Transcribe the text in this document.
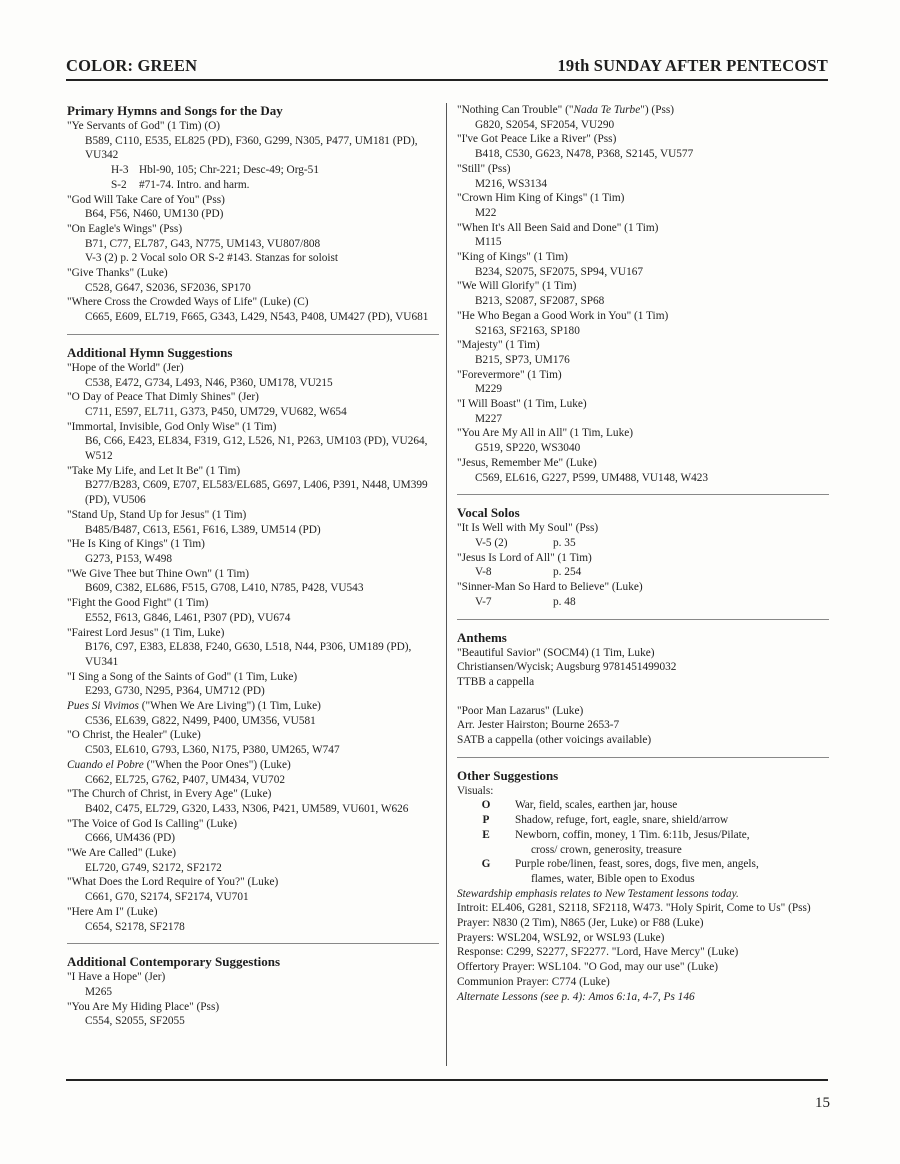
COLOR: GREEN	19th SUNDAY AFTER PENTECOST

Primary Hymns and Songs for the Day

"Ye Servants of God" (1 Tim) (O)

B589, C110, E535, EL825 (PD), F360, G299, N305, P477, UM181 (PD), VU342

H-3 Hbl-90, 105; Chr-221; Desc-49; Org-51
S-2	#71-74. Intro. and harm.

"God Will Take Care of You" (Pss)

B64, F56, N460, UM130 (PD)

"On Eagle's Wings" (Pss)

B71, C77, EL787, G43, N775, UM143, VU807/808

V-3 (2) p. 2 Vocal solo OR S-2 #143. Stanzas for soloist

"Give Thanks" (Luke)

C528, G647, S2036, SF2036, SP170

"Where Cross the Crowded Ways of Life" (Luke) (C)

C665, E609, EL719, F665, G343, L429, N543, P408, UM427 (PD), VU681

Additional Hymn Suggestions

"Hope of the World" (Jer)

C538, E472, G734, L493, N46, P360, UM178, VU215

"O Day of Peace That Dimly Shines" (Jer)

C711, E597, EL711, G373, P450, UM729, VU682, W654

"Immortal, Invisible, God Only Wise" (1 Tim)

B6, C66, E423, EL834, F319, G12, L526, N1, P263, UM103 (PD), VU264, W512

"Take My Life, and Let It Be" (1 Tim)

B277/B283, C609, E707, EL583/EL685, G697, L406, P391, N448, UM399 (PD), VU506

"Stand Up, Stand Up for Jesus" (1 Tim)

B485/B487, C613, E561, F616, L389, UM514 (PD)

"He Is King of Kings" (1 Tim)

G273, P153, W498

"We Give Thee but Thine Own" (1 Tim)

B609, C382, EL686, F515, G708, L410, N785, P428, VU543

"Fight the Good Fight" (1 Tim)

E552, F613, G846, L461, P307 (PD), VU674

"Fairest Lord Jesus" (1 Tim, Luke)

B176, C97, E383, EL838, F240, G630, L518, N44, P306, UM189 (PD), VU341

"I Sing a Song of the Saints of God" (1 Tim, Luke)

E293, G730, N295, P364, UM712 (PD)

Pues Si Vivimos ("When We Are Living") (1 Tim, Luke)

C536, EL639, G822, N499, P400, UM356, VU581

"O Christ, the Healer" (Luke)

C503, EL610, G793, L360, N175, P380, UM265, W747

Cuando el Pobre ("When the Poor Ones") (Luke)

C662, EL725, G762, P407, UM434, VU702

"The Church of Christ, in Every Age" (Luke)

B402, C475, EL729, G320, L433, N306, P421, UM589, VU601, W626

"The Voice of God Is Calling" (Luke)

C666, UM436 (PD)

"We Are Called" (Luke)

EL720, G749, S2172, SF2172

"What Does the Lord Require of You?" (Luke)

C661, G70, S2174, SF2174, VU701

"Here Am I" (Luke)

C654, S2178, SF2178

Additional Contemporary Suggestions

"I Have a Hope" (Jer)

M265

"You Are My Hiding Place" (Pss)

C554, S2055, SF2055

"Nothing Can Trouble" ("Nada Te Turbe") (Pss)

G820, S2054, SF2054, VU290

"I've Got Peace Like a River" (Pss)

B418, C530, G623, N478, P368, S2145, VU577

"Still" (Pss)

M216, WS3134

"Crown Him King of Kings" (1 Tim)

M22

"When It's All Been Said and Done" (1 Tim)

M115

"King of Kings" (1 Tim)

B234, S2075, SF2075, SP94, VU167

"We Will Glorify" (1 Tim)

B213, S2087, SF2087, SP68

"He Who Began a Good Work in You" (1 Tim)

S2163, SF2163, SP180

"Majesty" (1 Tim)

B215, SP73, UM176

"Forevermore" (1 Tim)

M229

"I Will Boast" (1 Tim, Luke)

M227

"You Are My All in All" (1 Tim, Luke)

G519, SP220, WS3040

"Jesus, Remember Me" (Luke)

C569, EL616, G227, P599, UM488, VU148, W423

Vocal Solos

"It Is Well with My Soul" (Pss)

V-5 (2)	p. 35

"Jesus Is Lord of All" (1 Tim)

V-8	p. 254

"Sinner-Man So Hard to Believe" (Luke)

V-7	p. 48

Anthems

"Beautiful Savior" (SOCM4) (1 Tim, Luke)

Christiansen/Wycisk; Augsburg 9781451499032

TTBB a cappella

"Poor Man Lazarus" (Luke)

Arr. Jester Hairston; Bourne 2653-7

SATB a cappella (other voicings available)

Other Suggestions

Visuals:

O	War, field, scales, earthen jar, house
P	Shadow, refuge, fort, eagle, snare, shield/arrow
E	Newborn, coffin, money, 1 Tim. 6:11b, Jesus/Pilate,
cross/ crown, generosity, treasure
G	Purple robe/linen, feast, sores, dogs, five men, angels,
flames, water, Bible open to Exodus

Stewardship emphasis relates to New Testament lessons today.

Introit: EL406, G281, S2118, SF2118, W473. "Holy Spirit, Come to Us" (Pss)

Prayer: N830 (2 Tim), N865 (Jer, Luke) or F88 (Luke)

Prayers: WSL204, WSL92, or WSL93 (Luke)

Response: C299, S2277, SF2277. "Lord, Have Mercy" (Luke)

Offertory Prayer: WSL104. "O God, may our use" (Luke)

Communion Prayer: C774 (Luke)

Alternate Lessons (see p. 4): Amos 6:1a, 4-7, Ps 146

15
